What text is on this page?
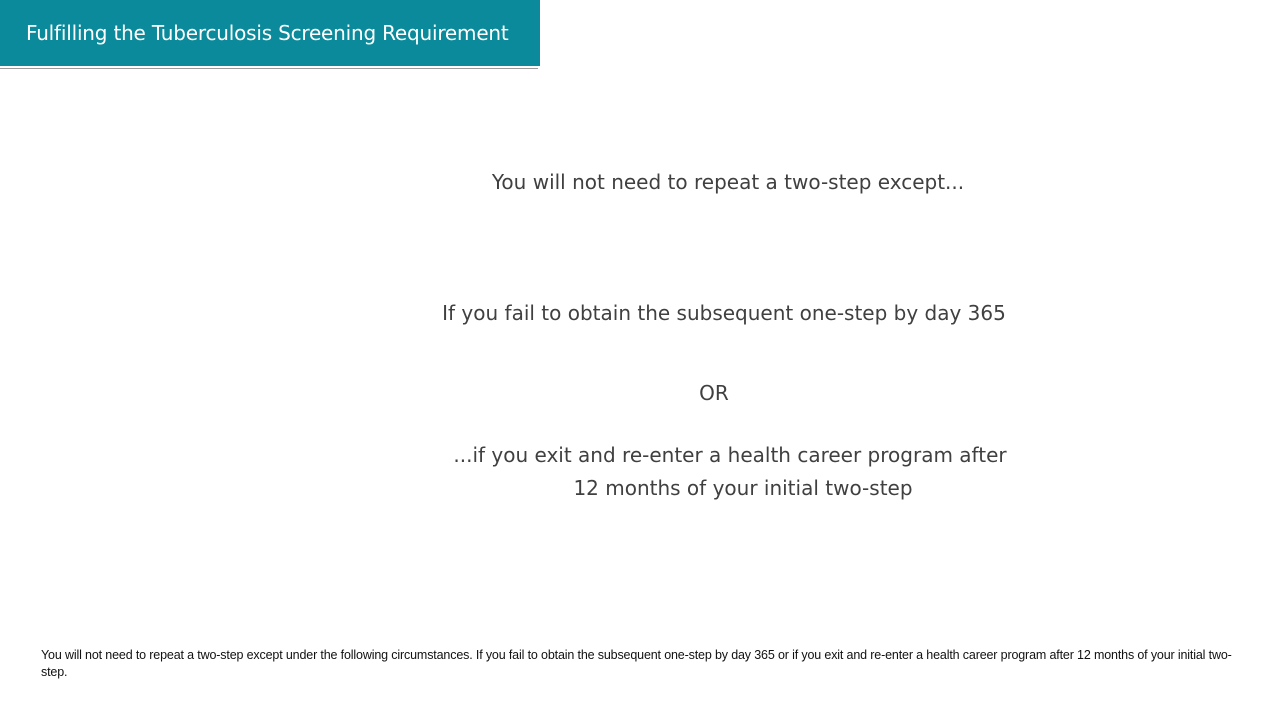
Fulfilling the Tuberculosis Screening Requirement
You will not need to repeat a two-step except...
If you fail to obtain the subsequent one-step by day 365
OR
...if you exit and re-enter a health career program after
12 months of your initial two-step
You will not need to repeat a two-step except under the following circumstances. If you fail to obtain the subsequent one-step by day 365 or if you exit and re-enter a health career program after 12 months of your initial two- step.
